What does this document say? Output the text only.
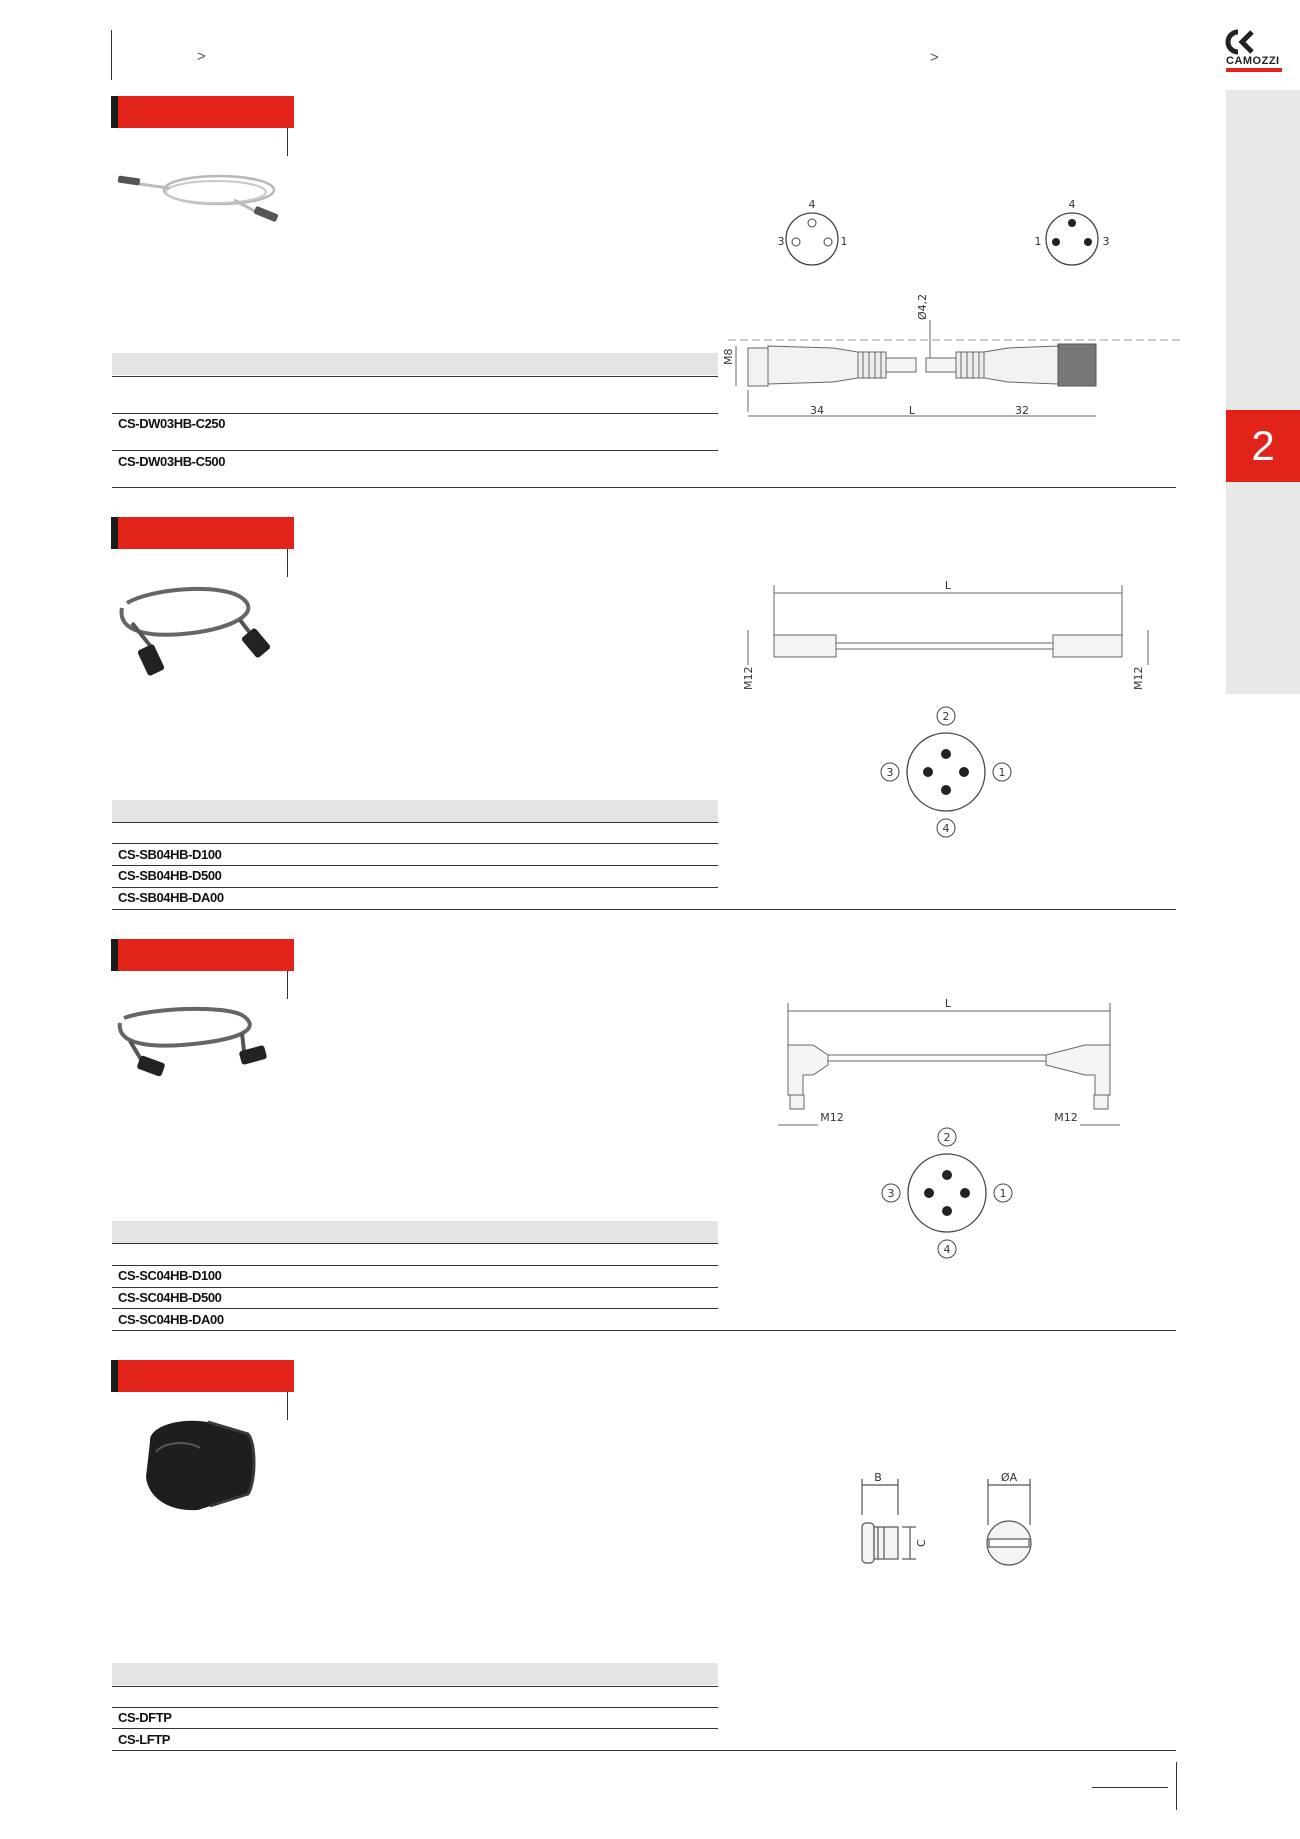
>	>	CAMOZZI
2
CS-DW03HB-C250
CS-DW03HB-C500
4
3	1
4
1	3
M8
Ø4,2
34	L	32
CS-SB04HB-D100
CS-SB04HB-D500
CS-SB04HB-DA00
L
M12	M12
1
2
3
4
CS-SC04HB-D100
CS-SC04HB-D500
CS-SC04HB-DA00
L
M12	M12
1
2
3
4
CS-DFTP
CS-LFTP
B
C
ØA
